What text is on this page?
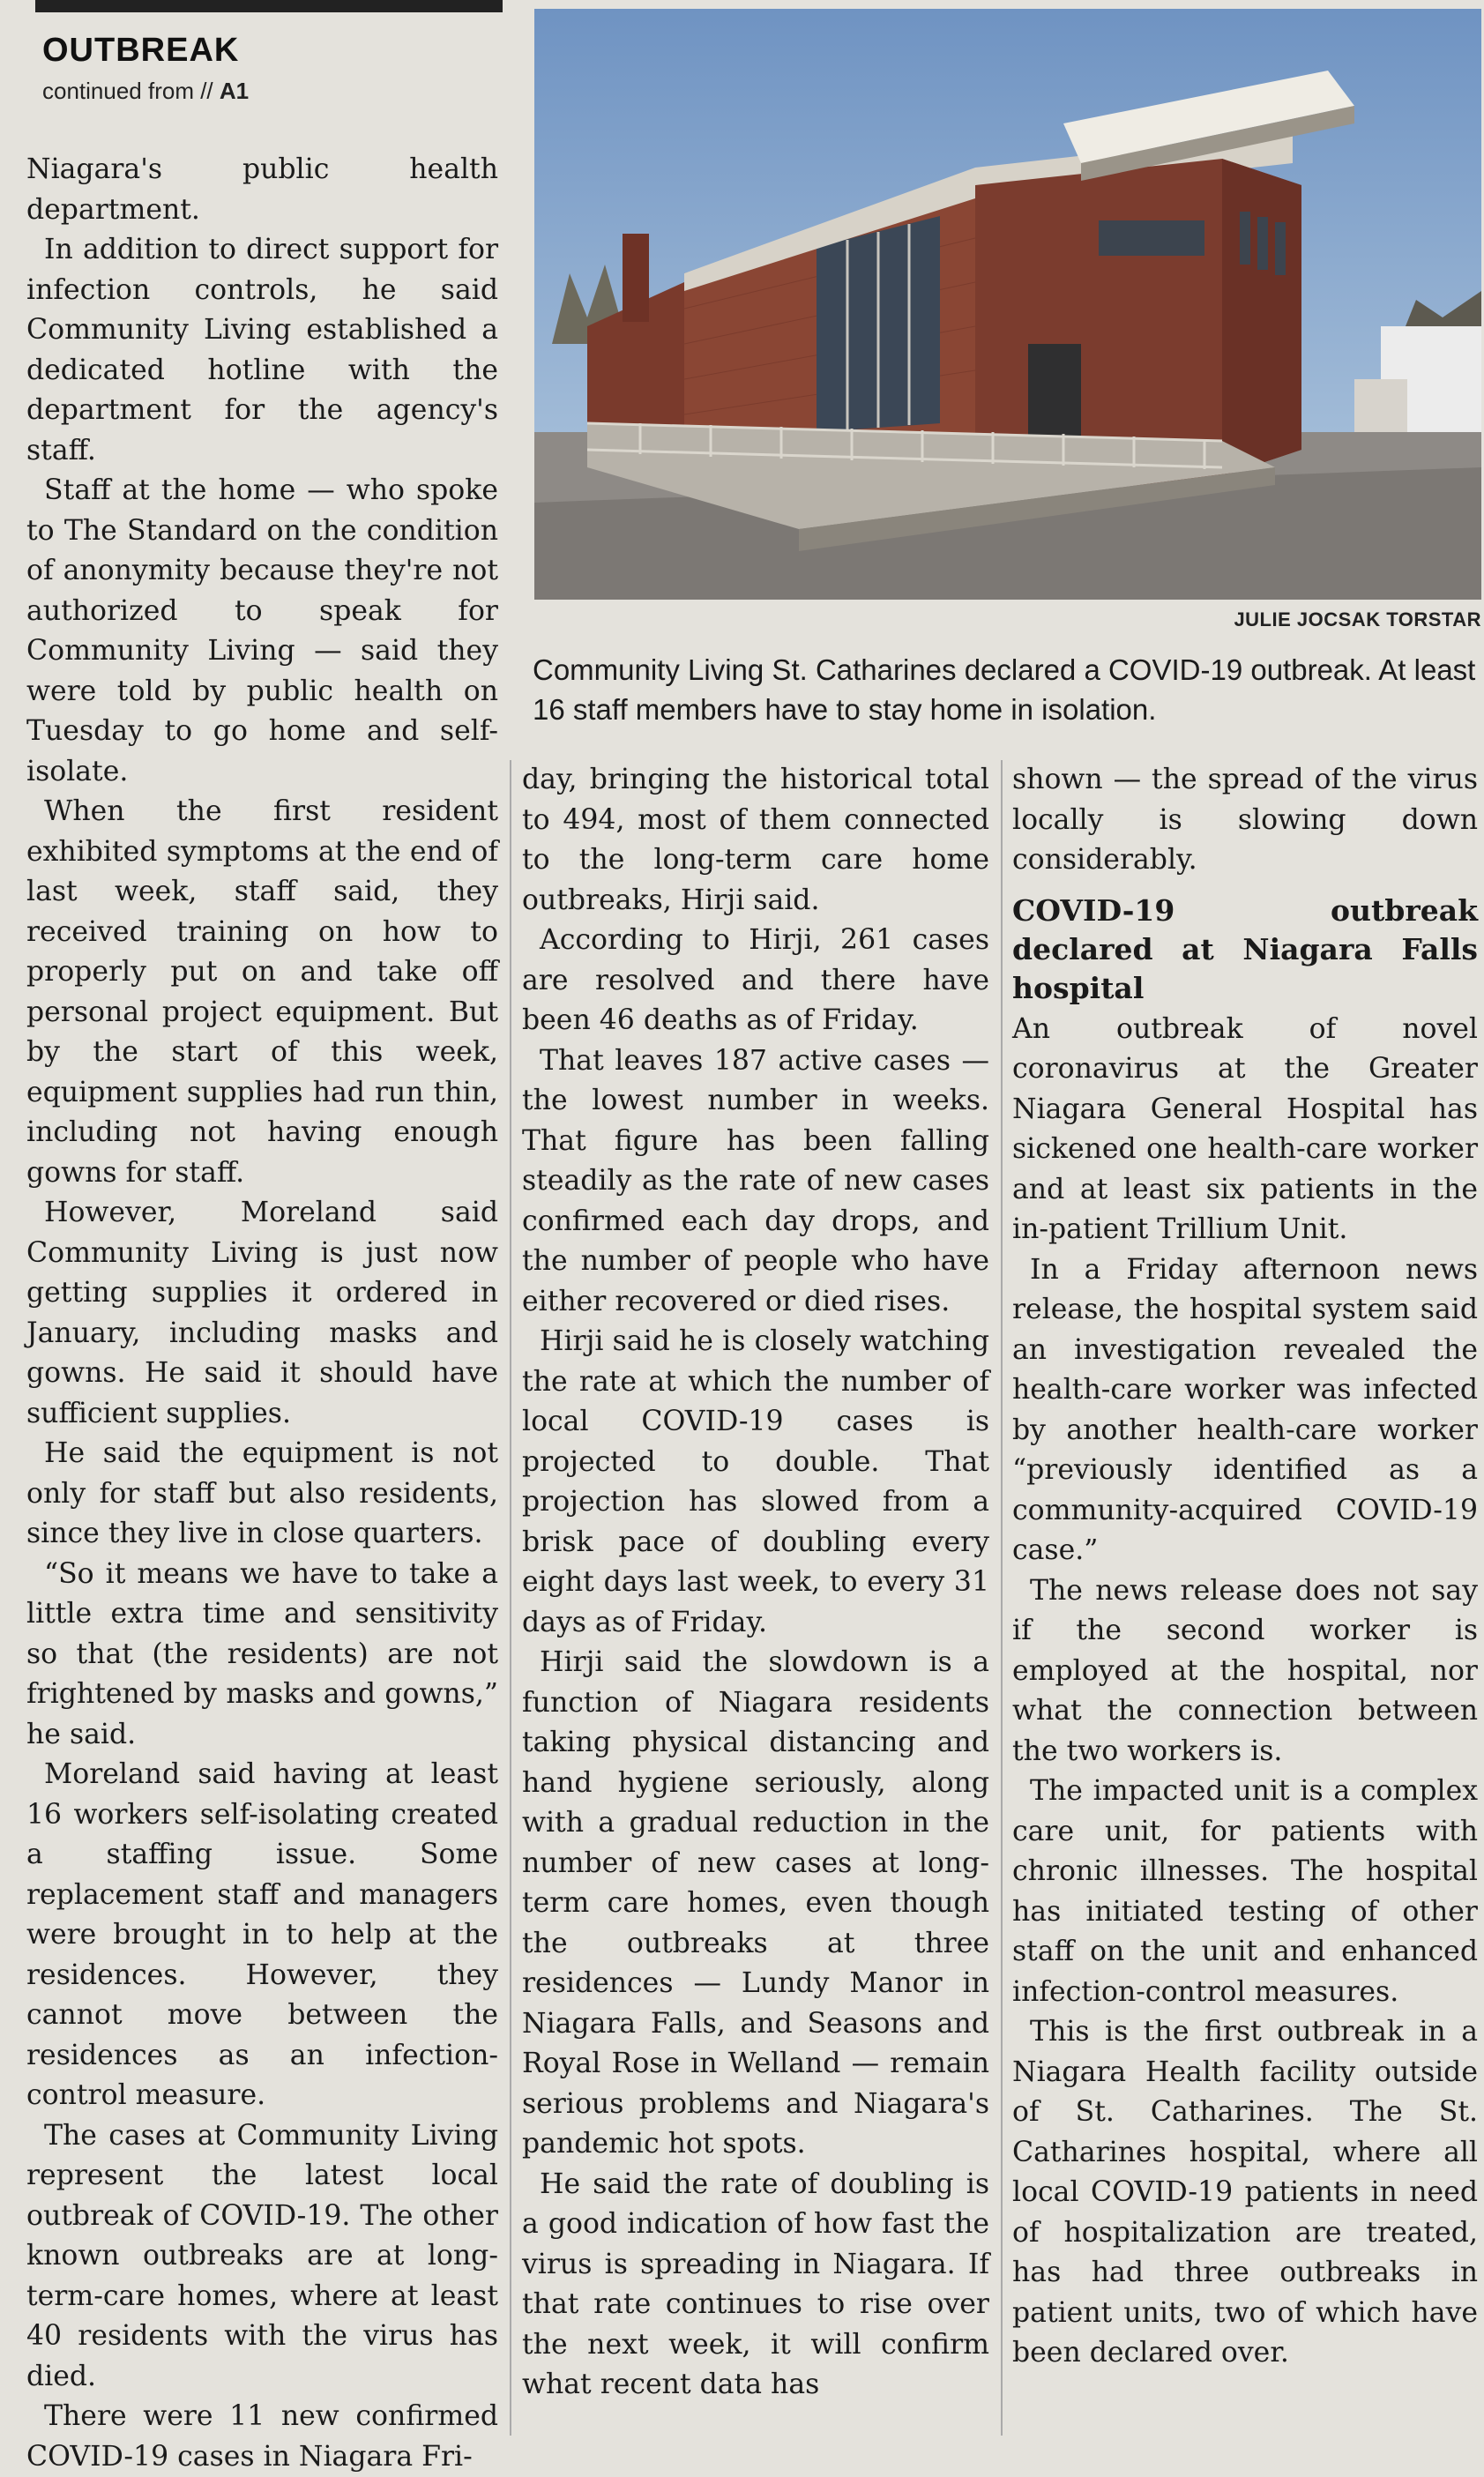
OUTBREAK
continued from // A1
JULIE JOCSAK TORSTAR
Community Living St. Catharines declared a COVID-19 outbreak. At least 16 staff members have to stay home in isolation.

Niagara's public health department.

In addition to direct support for infection controls, he said Community Living established a dedicated hotline with the department for the agency's staff.

Staff at the home — who spoke to The Standard on the condition of anonymity because they're not authorized to speak for Community Living — said they were told by public health on Tuesday to go home and self-isolate.

When the first resident exhibited symptoms at the end of last week, staff said, they received training on how to properly put on and take off personal project equipment. But by the start of this week, equipment supplies had run thin, including not having enough gowns for staff.

However, Moreland said Community Living is just now getting supplies it ordered in January, including masks and gowns. He said it should have sufficient supplies.

He said the equipment is not only for staff but also residents, since they live in close quarters.

“So it means we have to take a little extra time and sensitivity so that (the residents) are not frightened by masks and gowns,” he said.

Moreland said having at least 16 workers self-isolating created a staffing issue. Some replacement staff and managers were brought in to help at the residences. However, they cannot move between the residences as an infection-control measure.

The cases at Community Living represent the latest local outbreak of COVID-19. The other known outbreaks are at long-term-care homes, where at least 40 residents with the virus has died.

There were 11 new confirmed COVID-19 cases in Niagara Fri-

day, bringing the historical total to 494, most of them connected to the long-term care home outbreaks, Hirji said.

According to Hirji, 261 cases are resolved and there have been 46 deaths as of Friday.

That leaves 187 active cases — the lowest number in weeks. That figure has been falling steadily as the rate of new cases confirmed each day drops, and the number of people who have either recovered or died rises.

Hirji said he is closely watching the rate at which the number of local COVID-19 cases is projected to double. That projection has slowed from a brisk pace of doubling every eight days last week, to every 31 days as of Friday.

Hirji said the slowdown is a function of Niagara residents taking physical distancing and hand hygiene seriously, along with a gradual reduction in the number of new cases at long-term care homes, even though the outbreaks at three residences — Lundy Manor in Niagara Falls, and Seasons and Royal Rose in Welland — remain serious problems and Niagara's pandemic hot spots.

He said the rate of doubling is a good indication of how fast the virus is spreading in Niagara. If that rate continues to rise over the next week, it will confirm what recent data has

shown — the spread of the virus locally is slowing down considerably.

COVID-19 outbreak declared at Niagara Falls hospital

An outbreak of novel coronavirus at the Greater Niagara General Hospital has sickened one health-care worker and at least six patients in the in-patient Trillium Unit.

In a Friday afternoon news release, the hospital system said an investigation revealed the health-care worker was infected by another health-care worker “previously identified as a community-acquired COVID-19 case.”

The news release does not say if the second worker is employed at the hospital, nor what the connection between the two workers is.

The impacted unit is a complex care unit, for patients with chronic illnesses. The hospital has initiated testing of other staff on the unit and enhanced infection-control measures.

This is the first outbreak in a Niagara Health facility outside of St. Catharines. The St. Catharines hospital, where all local COVID-19 patients in need of hospitalization are treated, has had three outbreaks in patient units, two of which have been declared over.
